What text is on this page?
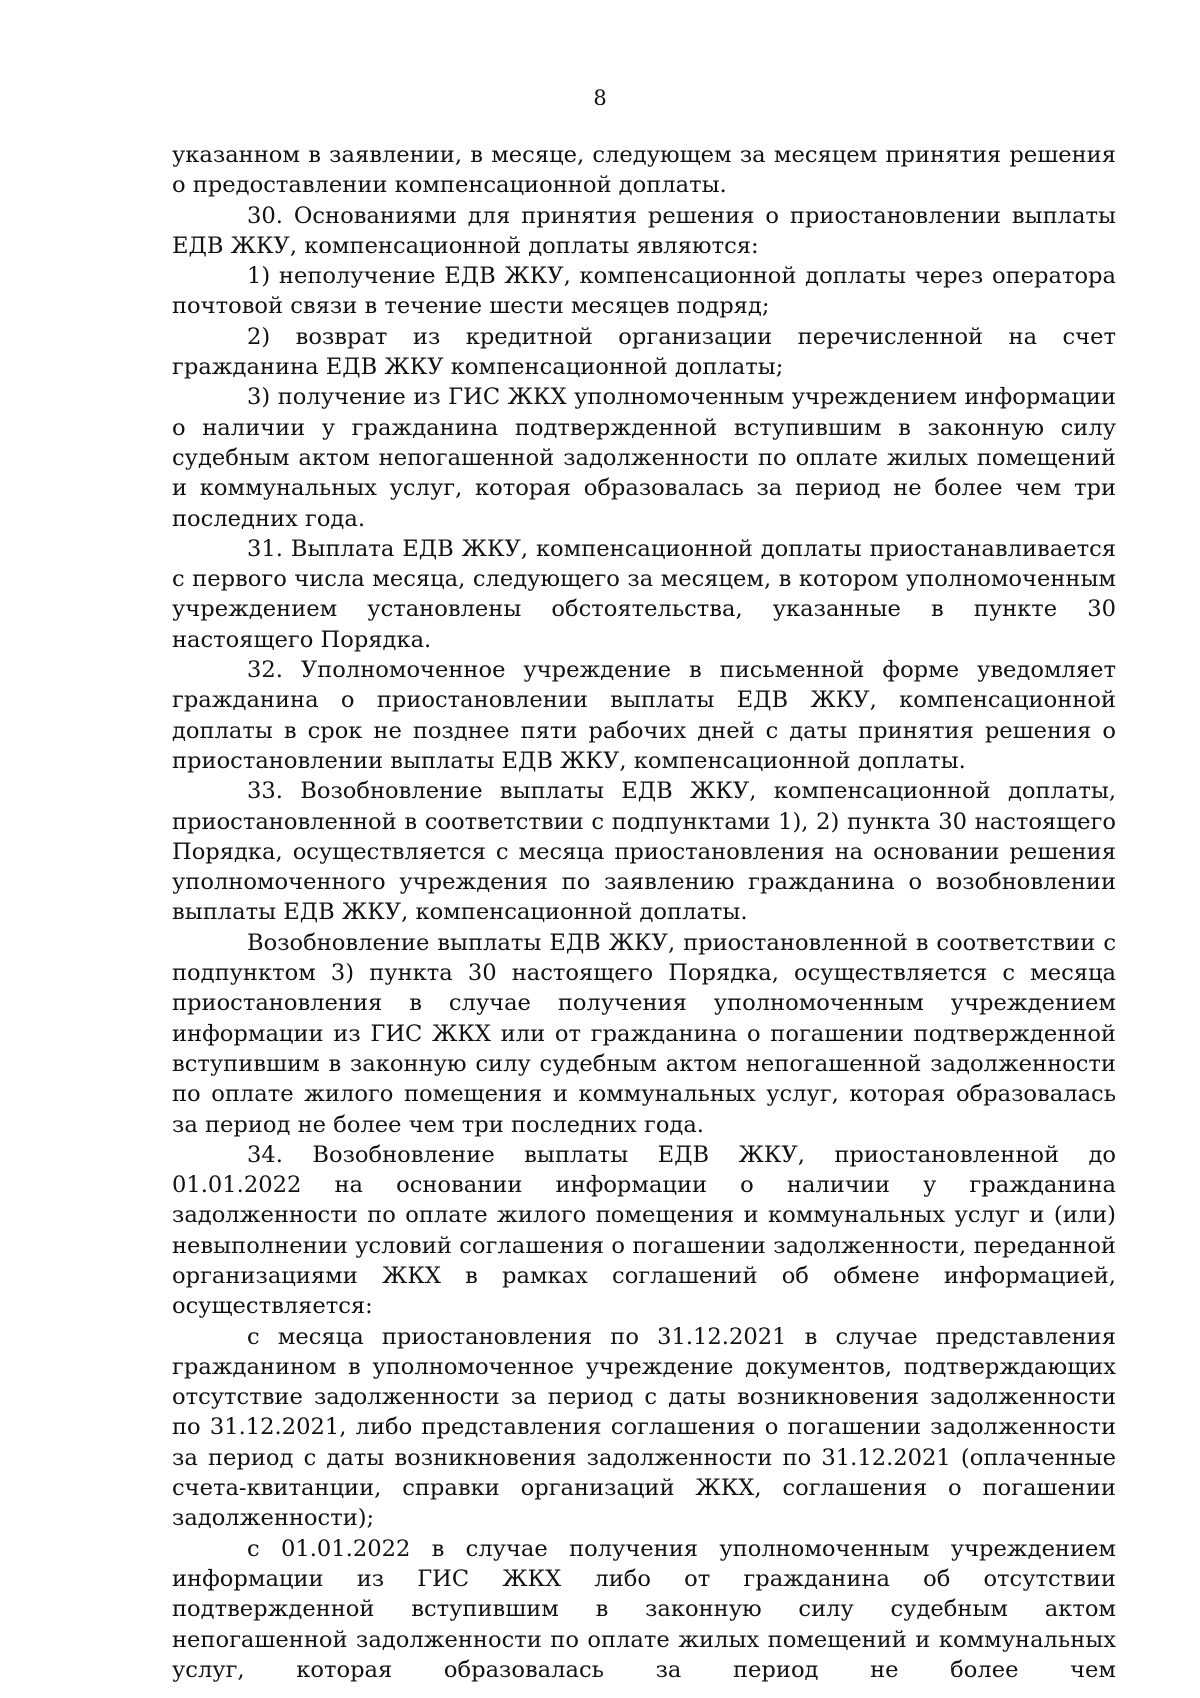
8

указанном в заявлении, в месяце, следующем за месяцем принятия решения о предоставлении компенсационной доплаты.

30. Основаниями для принятия решения о приостановлении выплаты ЕДВ ЖКУ, компенсационной доплаты являются:

1) неполучение ЕДВ ЖКУ, компенсационной доплаты через оператора почтовой связи в течение шести месяцев подряд;

2) возврат из кредитной организации перечисленной на счет гражданина ЕДВ ЖКУ компенсационной доплаты;

3) получение из ГИС ЖКХ уполномоченным учреждением информации о наличии у гражданина подтвержденной вступившим в законную силу судебным актом непогашенной задолженности по оплате жилых помещений и коммунальных услуг, которая образовалась за период не более чем три последних года.

31. Выплата ЕДВ ЖКУ, компенсационной доплаты приостанавливается с первого числа месяца, следующего за месяцем, в котором уполномоченным учреждением установлены обстоятельства, указанные в пункте 30 настоящего Порядка.

32. Уполномоченное учреждение в письменной форме уведомляет гражданина о приостановлении выплаты ЕДВ ЖКУ, компенсационной доплаты в срок не позднее пяти рабочих дней с даты принятия решения о приостановлении выплаты ЕДВ ЖКУ, компенсационной доплаты.

33. Возобновление выплаты ЕДВ ЖКУ, компенсационной доплаты, приостановленной в соответствии с подпунктами 1), 2) пункта 30 настоящего Порядка, осуществляется с месяца приостановления на основании решения уполномоченного учреждения по заявлению гражданина о возобновлении выплаты ЕДВ ЖКУ, компенсационной доплаты.

Возобновление выплаты ЕДВ ЖКУ, приостановленной в соответствии с подпунктом 3) пункта 30 настоящего Порядка, осуществляется с месяца приостановления в случае получения уполномоченным учреждением информации из ГИС ЖКХ или от гражданина о погашении подтвержденной вступившим в законную силу судебным актом непогашенной задолженности по оплате жилого помещения и коммунальных услуг, которая образовалась за период не более чем три последних года.

34. Возобновление выплаты ЕДВ ЖКУ, приостановленной до 01.01.2022 на основании информации о наличии у гражданина задолженности по оплате жилого помещения и коммунальных услуг и (или) невыполнении условий соглашения о погашении задолженности, переданной организациями ЖКХ в рамках соглашений об обмене информацией, осуществляется:

с месяца приостановления по 31.12.2021 в случае представления гражданином в уполномоченное учреждение документов, подтверждающих отсутствие задолженности за период с даты возникновения задолженности по 31.12.2021, либо представления соглашения о погашении задолженности за период с даты возникновения задолженности по 31.12.2021 (оплаченные счета-квитанции, справки организаций ЖКХ, соглашения о погашении задолженности);

с 01.01.2022 в случае получения уполномоченным учреждением информации из ГИС ЖКХ либо от гражданина об отсутствии подтвержденной вступившим в законную силу судебным актом непогашенной задолженности по оплате жилых помещений и коммунальных услуг, которая образовалась за период не более чем
